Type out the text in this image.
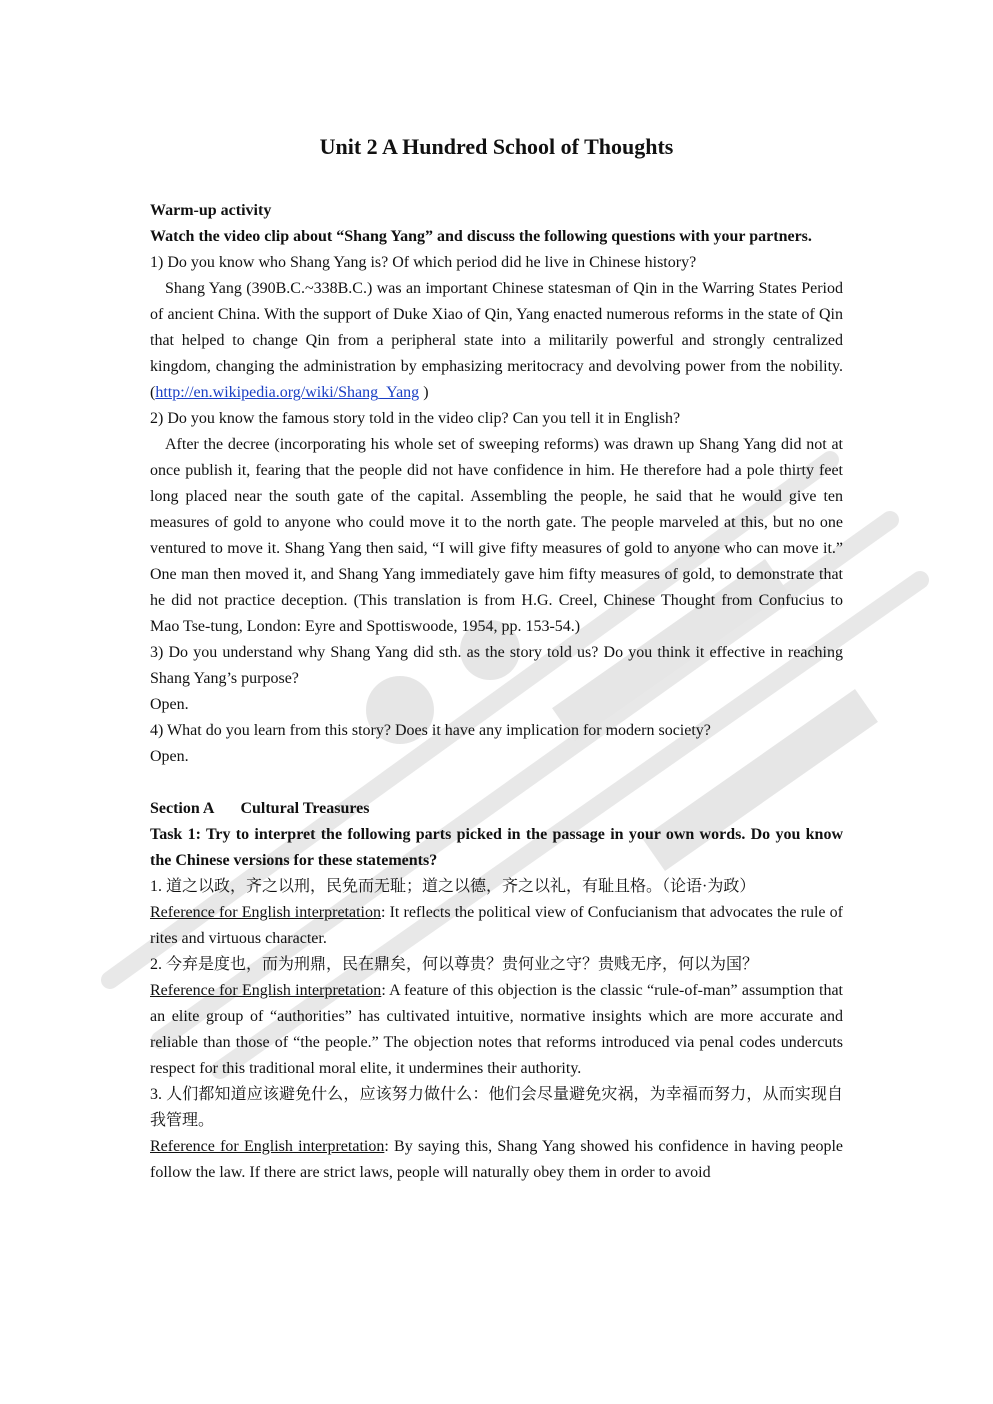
Unit 2 A Hundred School of Thoughts

Warm-up activity

Watch the video clip about “Shang Yang” and discuss the following questions with your partners.

1) Do you know who Shang Yang is? Of which period did he live in Chinese history?

Shang Yang (390B.C.~338B.C.) was an important Chinese statesman of Qin in the Warring States Period of ancient China. With the support of Duke Xiao of Qin, Yang enacted numerous reforms in the state of Qin that helped to change Qin from a peripheral state into a militarily powerful and strongly centralized kingdom, changing the administration by emphasizing meritocracy and devolving power from the nobility. (http://en.wikipedia.org/wiki/Shang_Yang )

2) Do you know the famous story told in the video clip? Can you tell it in English?

After the decree (incorporating his whole set of sweeping reforms) was drawn up Shang Yang did not at once publish it, fearing that the people did not have confidence in him. He therefore had a pole thirty feet long placed near the south gate of the capital. Assembling the people, he said that he would give ten measures of gold to anyone who could move it to the north gate. The people marveled at this, but no one ventured to move it. Shang Yang then said, “I will give fifty measures of gold to anyone who can move it.” One man then moved it, and Shang Yang immediately gave him fifty measures of gold, to demonstrate that he did not practice deception. (This translation is from H.G. Creel, Chinese Thought from Confucius to Mao Tse-tung, London: Eyre and Spottiswoode, 1954, pp. 153-54.)

3) Do you understand why Shang Yang did sth. as the story told us? Do you think it effective in reaching Shang Yang’s purpose?

Open.

4) What do you learn from this story? Does it have any implication for modern society?

Open.

Section A Cultural Treasures

Task 1: Try to interpret the following parts picked in the passage in your own words. Do you know the Chinese versions for these statements?

1. 道之以政，齐之以刑，民免而无耻；道之以德，齐之以礼，有耻且格。（论语·为政）

Reference for English interpretation: It reflects the political view of Confucianism that advocates the rule of rites and virtuous character.

2. 今弃是度也，而为刑鼎，民在鼎矣，何以尊贵？贵何业之守？贵贱无序，何以为国？

Reference for English interpretation: A feature of this objection is the classic “rule-of-man” assumption that an elite group of “authorities” has cultivated intuitive, normative insights which are more accurate and reliable than those of “the people.” The objection notes that reforms introduced via penal codes undercuts respect for this traditional moral elite, it undermines their authority.

3. 人们都知道应该避免什么，应该努力做什么：他们会尽量避免灾祸，为幸福而努力，从而实现自我管理。

Reference for English interpretation: By saying this, Shang Yang showed his confidence in having people follow the law. If there are strict laws, people will naturally obey them in order to avoid
